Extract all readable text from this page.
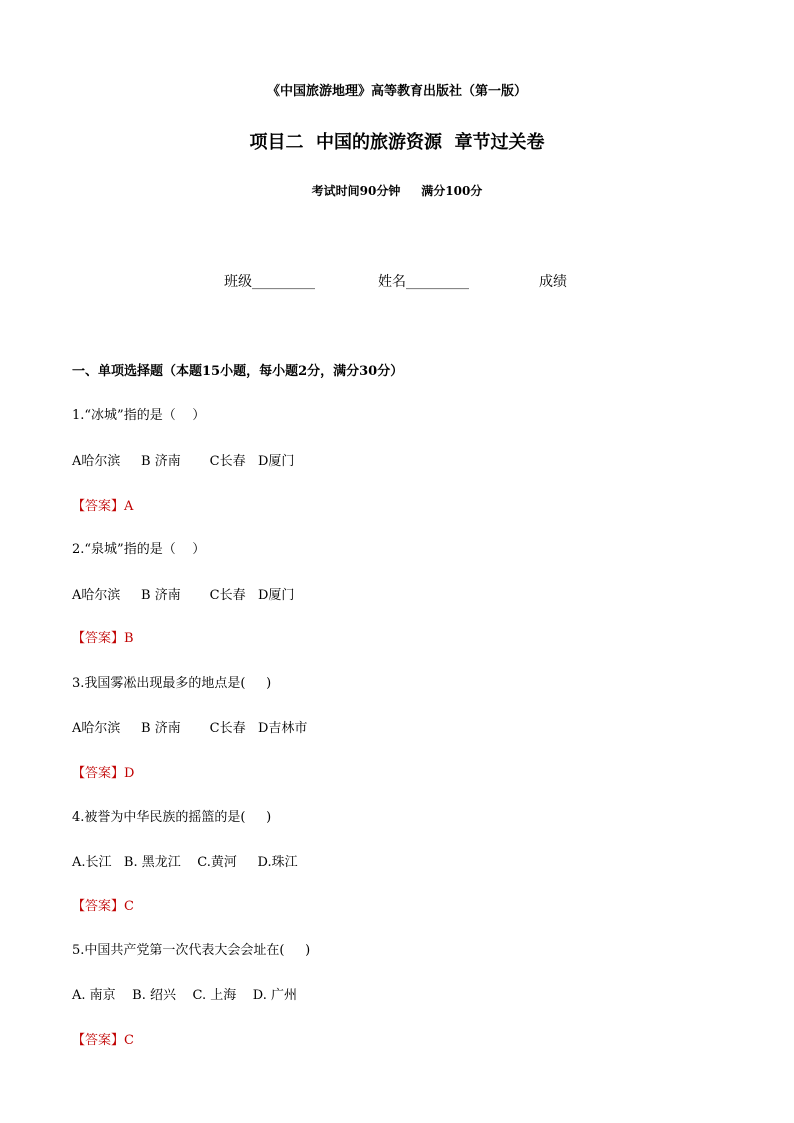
《中国旅游地理》高等教育出版社（第一版）
项目二  中国的旅游资源  章节过关卷
考试时间90分钟     满分100分
班级_________	姓名_________	成绩
一、单项选择题（本题15小题，每小题2分，满分30分）
1.“冰城”指的是（    ）
A哈尔滨     B 济南       C长春   D厦门
【答案】A
2.“泉城”指的是（    ）
A哈尔滨     B 济南       C长春   D厦门
【答案】B
3.我国雾凇出现最多的地点是(     )
A哈尔滨     B 济南       C长春   D吉林市
【答案】D
4.被誉为中华民族的摇篮的是(     )
A.长江   B. 黑龙江    C.黄河     D.珠江
【答案】C
5.中国共产党第一次代表大会会址在(     )
A. 南京    B. 绍兴    C. 上海    D. 广州
【答案】C
